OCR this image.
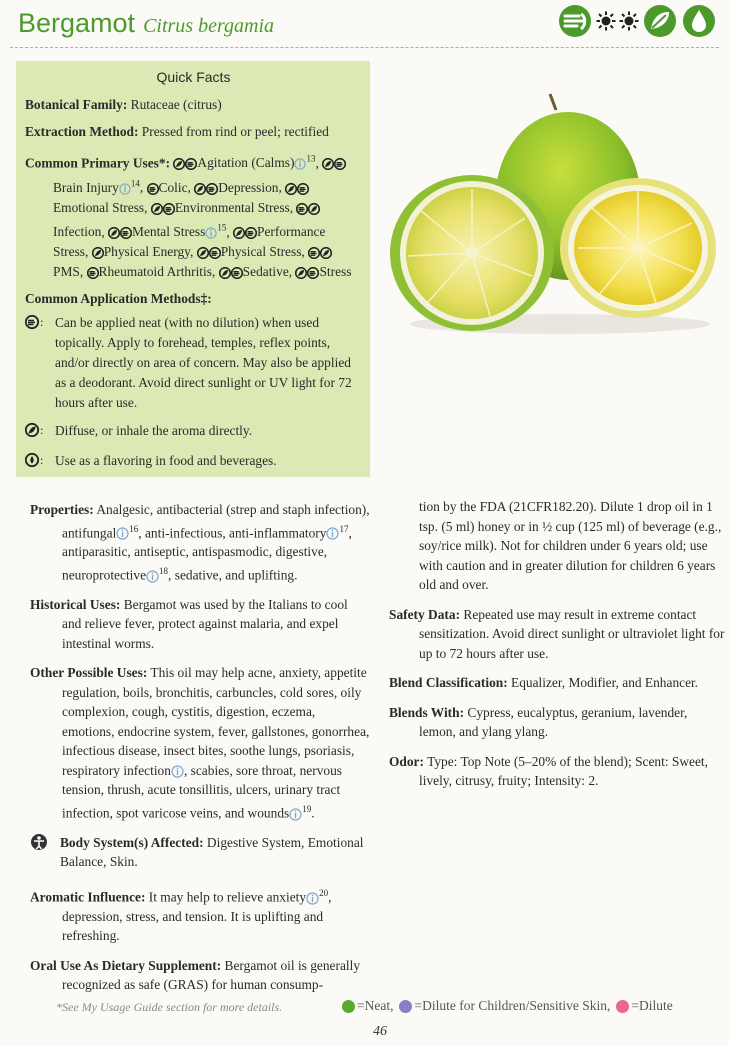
Bergamot Citrus bergamia
Quick Facts

Botanical Family: Rutaceae (citrus)

Extraction Method: Pressed from rind or peel; rectified

Common Primary Uses*: Agitation (Calms) $^{13}$, Brain Injury $^{14}$, Colic, Depression, Emotional Stress, Environmental Stress, Infection, Mental Stress $^{15}$, Performance Stress, Physical Energy, Physical Stress, PMS, Rheumatoid Arthritis, Sedative, Stress

Common Application Methods‡:

: Can be applied neat (with no dilution) when used topically. Apply to forehead, temples, reflex points, and/or directly on area of concern. May also be applied as a deodorant. Avoid direct sunlight or UV light for 72 hours after use.
: Diffuse, or inhale the aroma directly.
: Use as a flavoring in food and beverages.

Properties: Analgesic, antibacterial (strep and staph infection), antifungal $^{16}$, anti-infectious, anti-inflammatory $^{17}$, antiparasitic, antiseptic, antispasmodic, digestive, neuroprotective $^{18}$, sedative, and uplifting.

Historical Uses: Bergamot was used by the Italians to cool and relieve fever, protect against malaria, and expel intestinal worms.

Other Possible Uses: This oil may help acne, anxiety, appetite regulation, boils, bronchitis, carbuncles, cold sores, oily complexion, cough, cystitis, digestion, eczema, emotions, endocrine system, fever, gallstones, gonorrhea, infectious disease, insect bites, soothe lungs, psoriasis, respiratory infection , scabies, sore throat, nervous tension, thrush, acute tonsillitis, ulcers, urinary tract infection, spot varicose veins, and wounds $^{19}$.

Body System(s) Affected: Digestive System, Emotional Balance, Skin.

Aromatic Influence: It may help to relieve anxiety $^{20}$, depression, stress, and tension. It is uplifting and refreshing.

Oral Use As Dietary Supplement: Bergamot oil is generally recognized as safe (GRAS) for human consump-

tion by the FDA (21CFR182.20). Dilute 1 drop oil in 1 tsp. (5 ml) honey or in ½ cup (125 ml) of beverage (e.g., soy/rice milk). Not for children under 6 years old; use with caution and in greater dilution for children 6 years old and over.

Safety Data: Repeated use may result in extreme contact sensitization. Avoid direct sunlight or ultraviolet light for up to 72 hours after use.

Blend Classification: Equalizer, Modifier, and Enhancer.

Blends With: Cypress, eucalyptus, geranium, lavender, lemon, and ylang ylang.

Odor: Type: Top Note (5–20% of the blend); Scent: Sweet, lively, citrusy, fruity; Intensity: 2.

*See My Usage Guide section for more details.	=Neat, =Dilute for Children/Sensitive Skin, =Dilute
46
